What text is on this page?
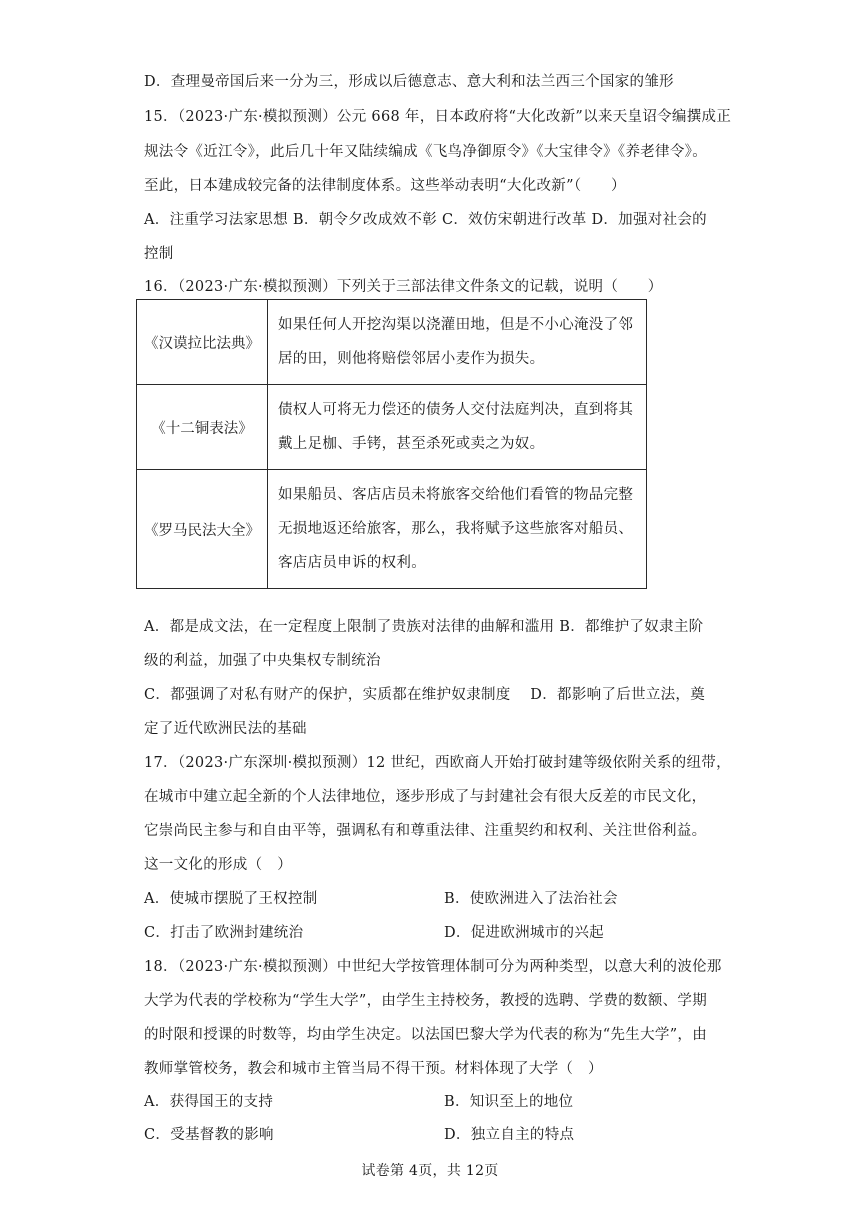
D．查理曼帝国后来一分为三，形成以后德意志、意大利和法兰西三个国家的雏形
15．（2023·广东·模拟预测）公元 668 年，日本政府将“大化改新”以来天皇诏令编撰成正
规法令《近江令》，此后几十年又陆续编成《飞鸟净御原令》《大宝律令》《养老律令》。
至此，日本建成较完备的法律制度体系。这些举动表明“大化改新”（　　）
A．注重学习法家思想 B．朝令夕改成效不彰 C．效仿宋朝进行改革 D．加强对社会的
控制
16．（2023·广东·模拟预测）下列关于三部法律文件条文的记载，说明（　　）
《汉谟拉比法典》	如果任何人开挖沟渠以浇灌田地，但是不小心淹没了邻
居的田，则他将赔偿邻居小麦作为损失。

《十二铜表法》	债权人可将无力偿还的债务人交付法庭判决，直到将其
戴上足枷、手铐，甚至杀死或卖之为奴。

《罗马民法大全》	如果船员、客店店员未将旅客交给他们看管的物品完整
无损地返还给旅客，那么，我将赋予这些旅客对船员、
客店店员申诉的权利。
A．都是成文法，在一定程度上限制了贵族对法律的曲解和滥用 B．都维护了奴隶主阶
级的利益，加强了中央集权专制统治
C．都强调了对私有财产的保护，实质都在维护奴隶制度　 D．都影响了后世立法，奠
定了近代欧洲民法的基础
17．（2023·广东深圳·模拟预测）12 世纪，西欧商人开始打破封建等级依附关系的纽带，
在城市中建立起全新的个人法律地位，逐步形成了与封建社会有很大反差的市民文化，
它崇尚民主参与和自由平等，强调私有和尊重法律、注重契约和权利、关注世俗利益。
这一文化的形成（　）
A．使城市摆脱了王权控制	B．使欧洲进入了法治社会
C．打击了欧洲封建统治	D．促进欧洲城市的兴起
18．（2023·广东·模拟预测）中世纪大学按管理体制可分为两种类型，以意大利的波伦那
大学为代表的学校称为“学生大学”，由学生主持校务，教授的选聘、学费的数额、学期
的时限和授课的时数等，均由学生决定。以法国巴黎大学为代表的称为“先生大学”，由
教师掌管校务，教会和城市主管当局不得干预。材料体现了大学（　）
A．获得国王的支持	B．知识至上的地位
C．受基督教的影响	D．独立自主的特点
试卷第 4页，共 12页
